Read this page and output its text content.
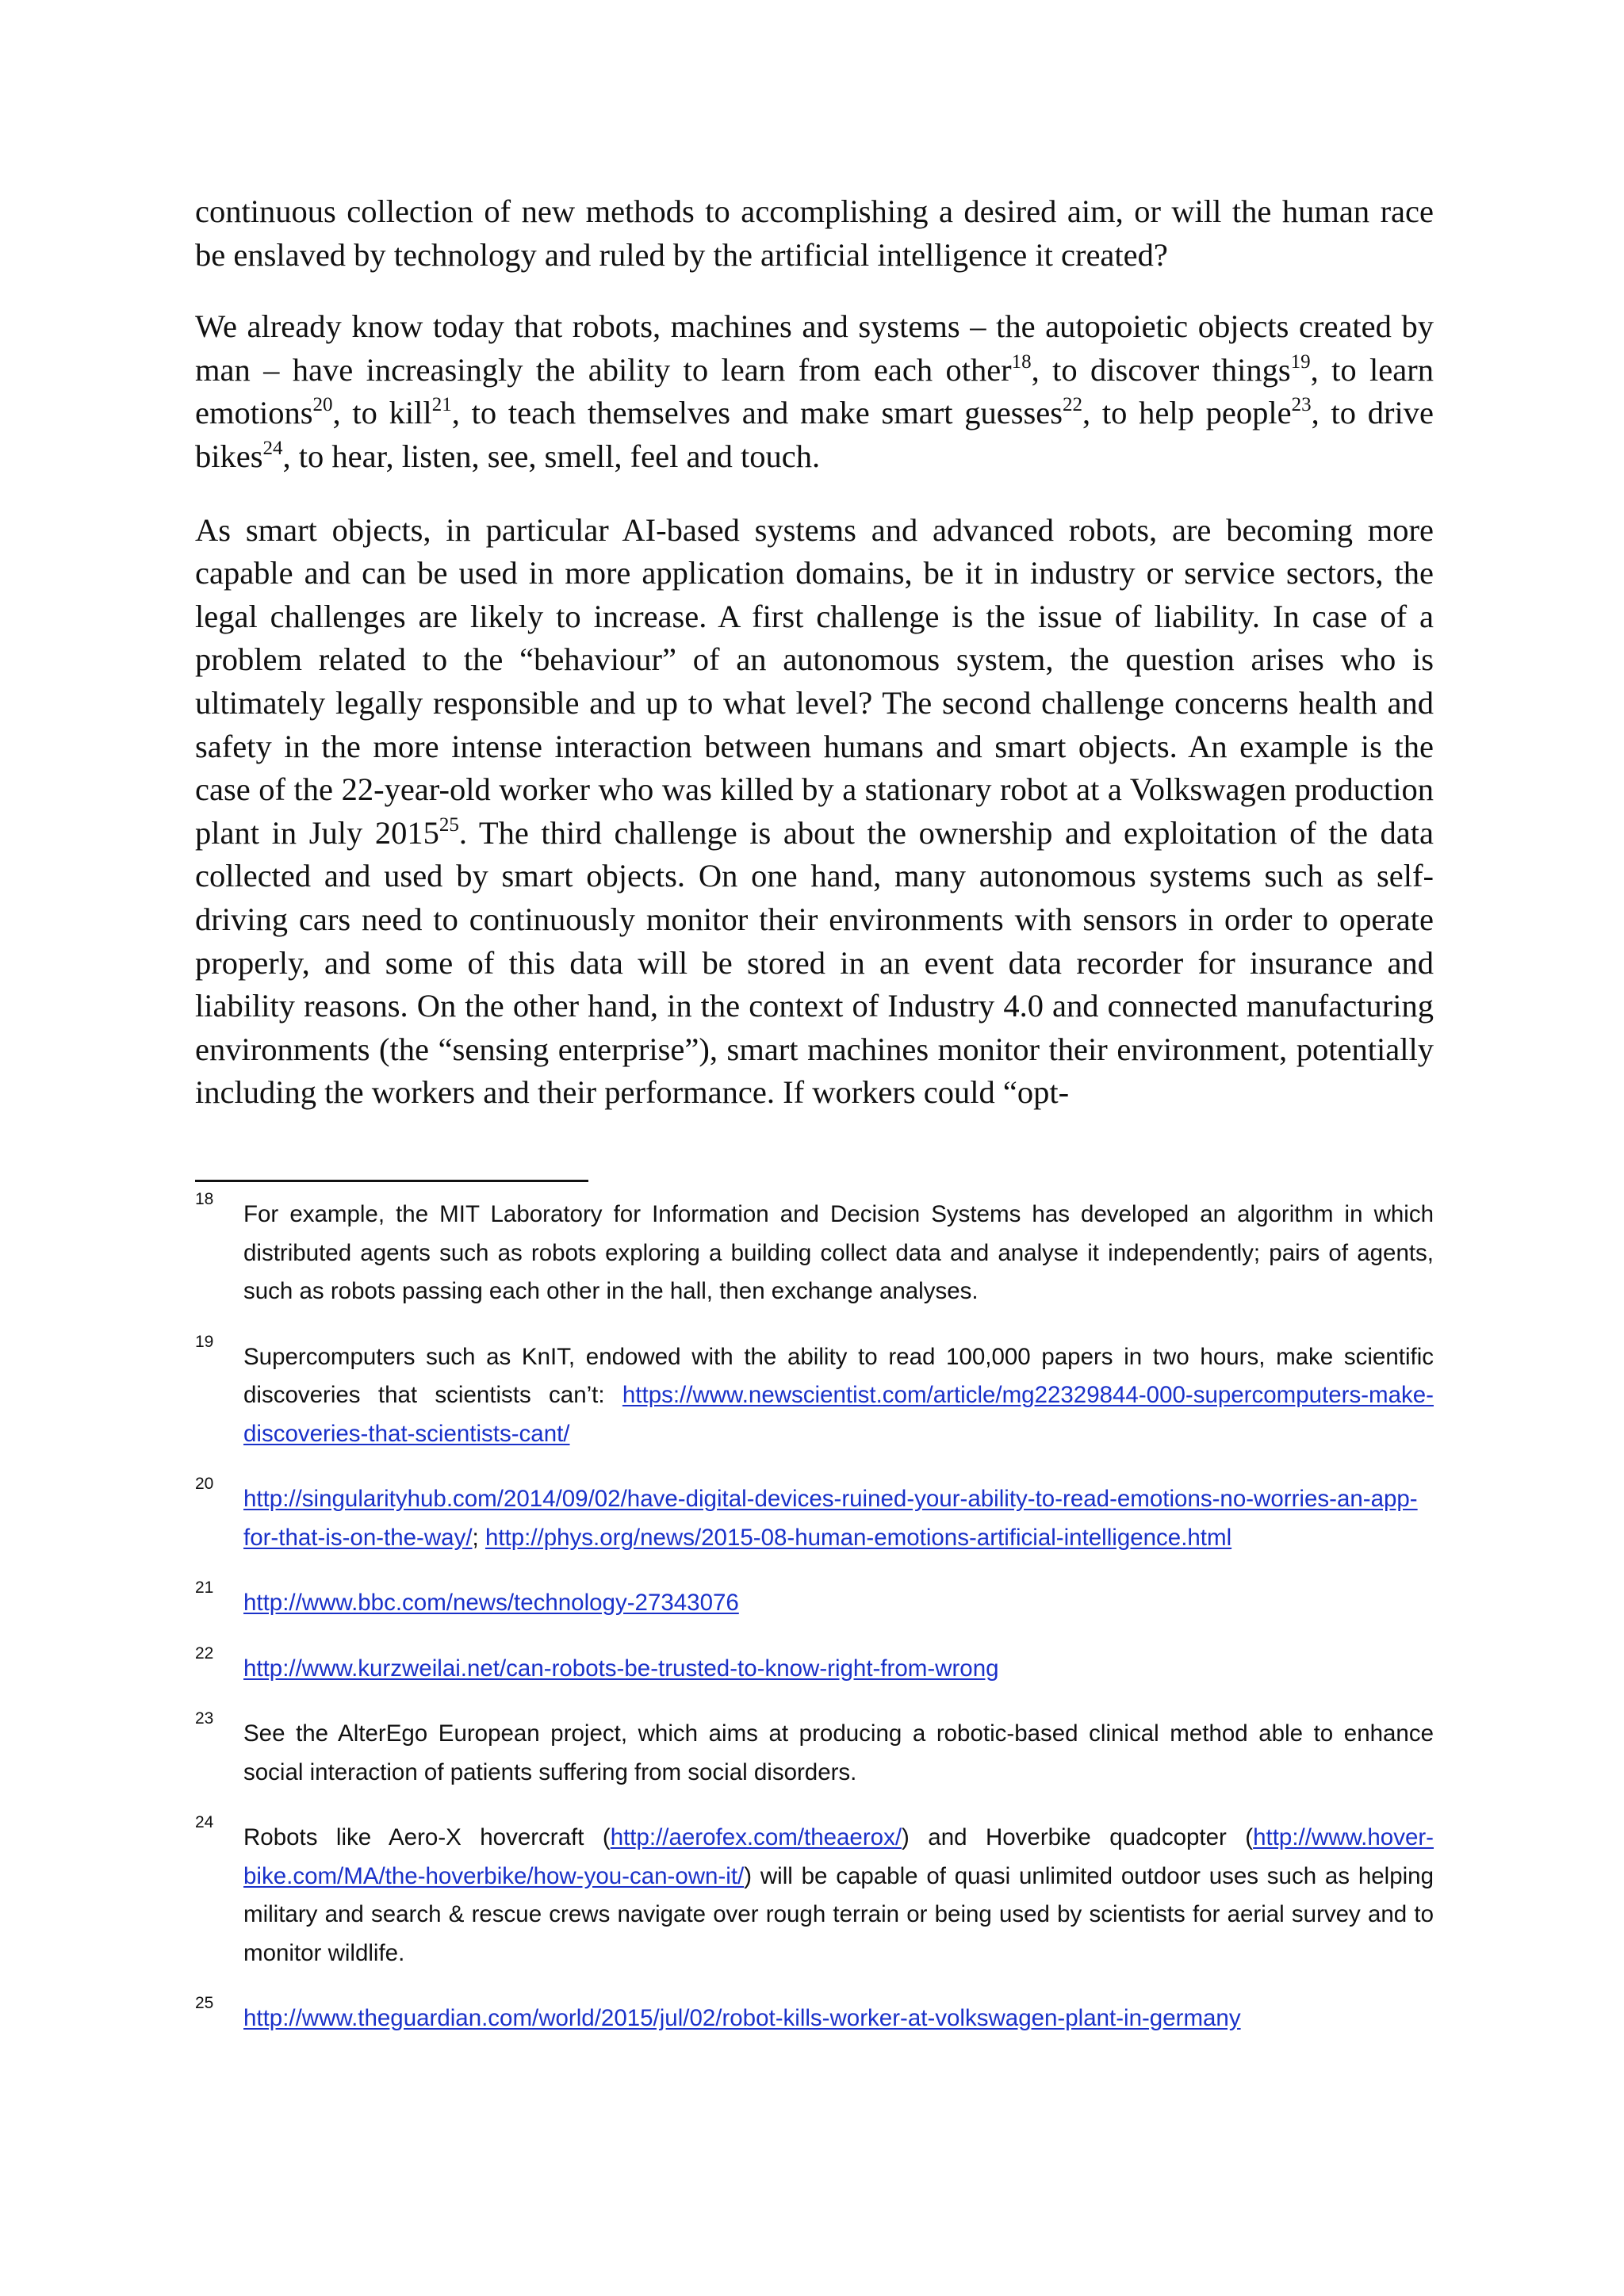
continuous collection of new methods to accomplishing a desired aim, or will the human race be enslaved by technology and ruled by the artificial intelligence it created?

We already know today that robots, machines and systems – the autopoietic objects created by man – have increasingly the ability to learn from each other$^{18}$, to discover things$^{19}$, to learn emotions$^{20}$, to kill$^{21}$, to teach themselves and make smart guesses$^{22}$, to help people$^{23}$, to drive bikes$^{24}$, to hear, listen, see, smell, feel and touch.

As smart objects, in particular AI-based systems and advanced robots, are becoming more capable and can be used in more application domains, be it in industry or service sectors, the legal challenges are likely to increase. A first challenge is the issue of liability. In case of a problem related to the “behaviour” of an autonomous system, the question arises who is ultimately legally responsible and up to what level? The second challenge concerns health and safety in the more intense interaction between humans and smart objects. An example is the case of the 22-year-old worker who was killed by a stationary robot at a Volkswagen production plant in July 2015$^{25}$. The third challenge is about the ownership and exploitation of the data collected and used by smart objects. On one hand, many autonomous systems such as self-driving cars need to continuously monitor their environments with sensors in order to operate properly, and some of this data will be stored in an event data recorder for insurance and liability reasons. On the other hand, in the context of Industry 4.0 and connected manufacturing environments (the “sensing enterprise”), smart machines monitor their environment, potentially including the workers and their performance. If workers could “opt-

18
For example, the MIT Laboratory for Information and Decision Systems has developed an algorithm in which distributed agents such as robots exploring a building collect data and analyse it independently; pairs of agents, such as robots passing each other in the hall, then exchange analyses.
19
Supercomputers such as KnIT, endowed with the ability to read 100,000 papers in two hours, make scientific discoveries that scientists can’t: https://www.newscientist.com/article/mg22329844-000-supercomputers-make-discoveries-that-scientists-cant/
20
http://singularityhub.com/2014/09/02/have-digital-devices-ruined-your-ability-to-read-emotions-no-worries-an-app-for-that-is-on-the-way/; http://phys.org/news/2015-08-human-emotions-artificial-intelligence.html
21
http://www.bbc.com/news/technology-27343076
22
http://www.kurzweilai.net/can-robots-be-trusted-to-know-right-from-wrong
23
See the AlterEgo European project, which aims at producing a robotic-based clinical method able to enhance social interaction of patients suffering from social disorders.
24
Robots like Aero-X hovercraft (http://aerofex.com/theaerox/) and Hoverbike quadcopter (http://www.hover-bike.com/MA/the-hoverbike/how-you-can-own-it/) will be capable of quasi unlimited outdoor uses such as helping military and search & rescue crews navigate over rough terrain or being used by scientists for aerial survey and to monitor wildlife.
25
http://www.theguardian.com/world/2015/jul/02/robot-kills-worker-at-volkswagen-plant-in-germany
